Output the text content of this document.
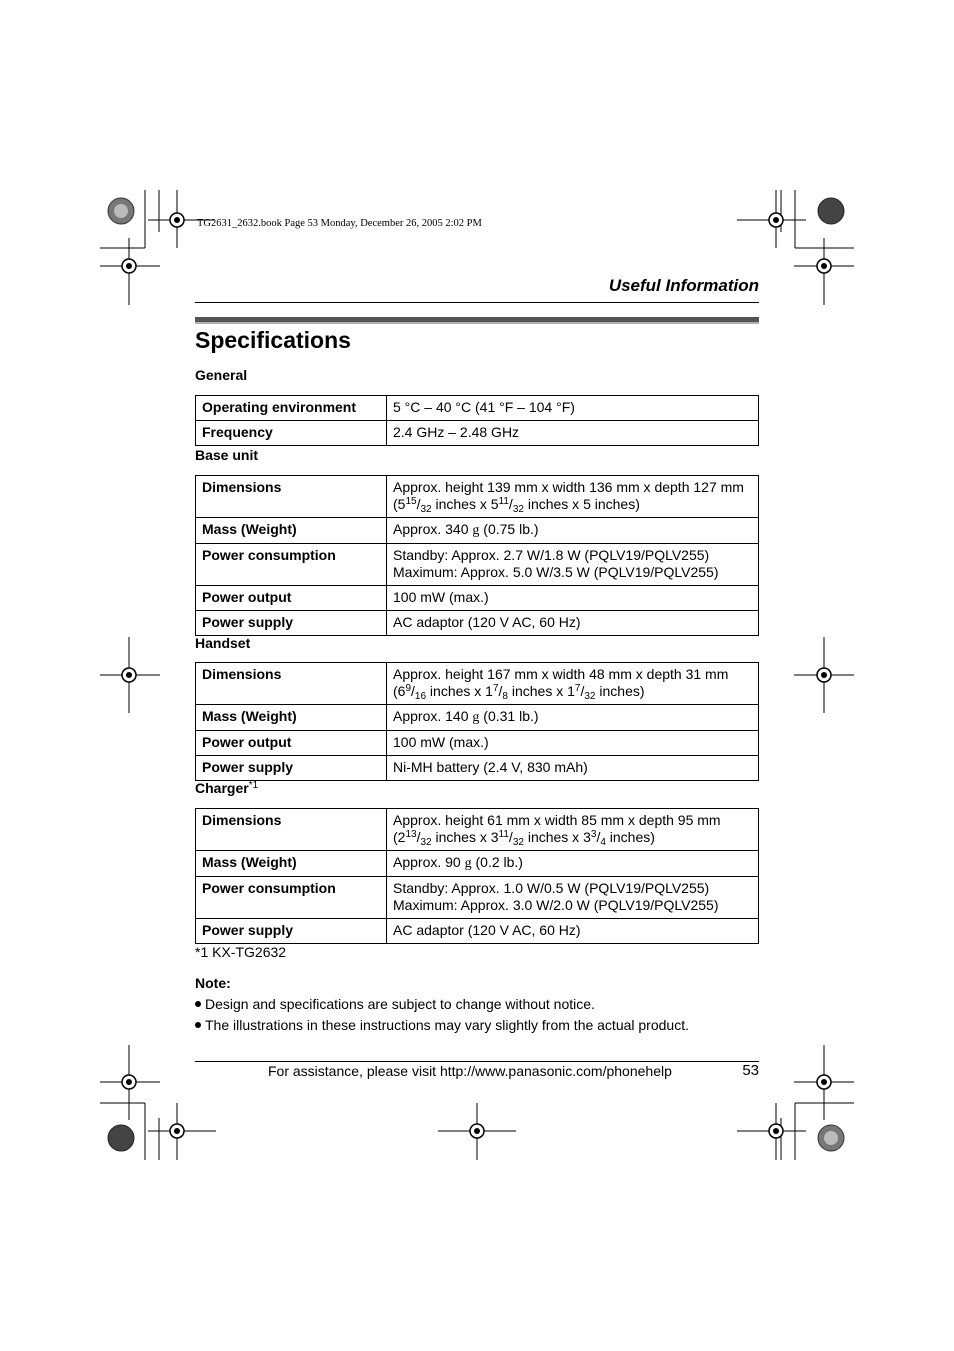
TG2631_2632.book Page 53 Monday, December 26, 2005 2:02 PM
Useful Information
Specifications
General
Operating environment	5 °C – 40 °C (41 °F – 104 °F)
Frequency	2.4 GHz – 2.48 GHz
Base unit
Dimensions	Approx. height 139 mm x width 136 mm x depth 127 mm
($5^{15}/_{32}$ inches x $5^{11}/_{32}$ inches x 5 inches)

Mass (Weight)	Approx. 340 g (0.75 lb.)
Power consumption	Standby: Approx. 2.7 W/1.8 W (PQLV19/PQLV255)
Maximum: Approx. 5.0 W/3.5 W (PQLV19/PQLV255)

Power output	100 mW (max.)
Power supply	AC adaptor (120 V AC, 60 Hz)
Handset
Dimensions	Approx. height 167 mm x width 48 mm x depth 31 mm
($6^9/_{16}$ inches x $1^7/_8$ inches x $1^7/_{32}$ inches)

Mass (Weight)	Approx. 140 g (0.31 lb.)
Power output	100 mW (max.)
Power supply	Ni-MH battery (2.4 V, 830 mAh)
Charger$^{*1}$
Dimensions	Approx. height 61 mm x width 85 mm x depth 95 mm
($2^{13}/_{32}$ inches x $3^{11}/_{32}$ inches x $3^3/_4$ inches)

Mass (Weight)	Approx. 90 g (0.2 lb.)
Power consumption	Standby: Approx. 1.0 W/0.5 W (PQLV19/PQLV255)
Maximum: Approx. 3.0 W/2.0 W (PQLV19/PQLV255)

Power supply	AC adaptor (120 V AC, 60 Hz)
*1 KX-TG2632
Note:
Design and specifications are subject to change without notice.
The illustrations in these instructions may vary slightly from the actual product.
For assistance, please visit http://www.panasonic.com/phonehelp	53
